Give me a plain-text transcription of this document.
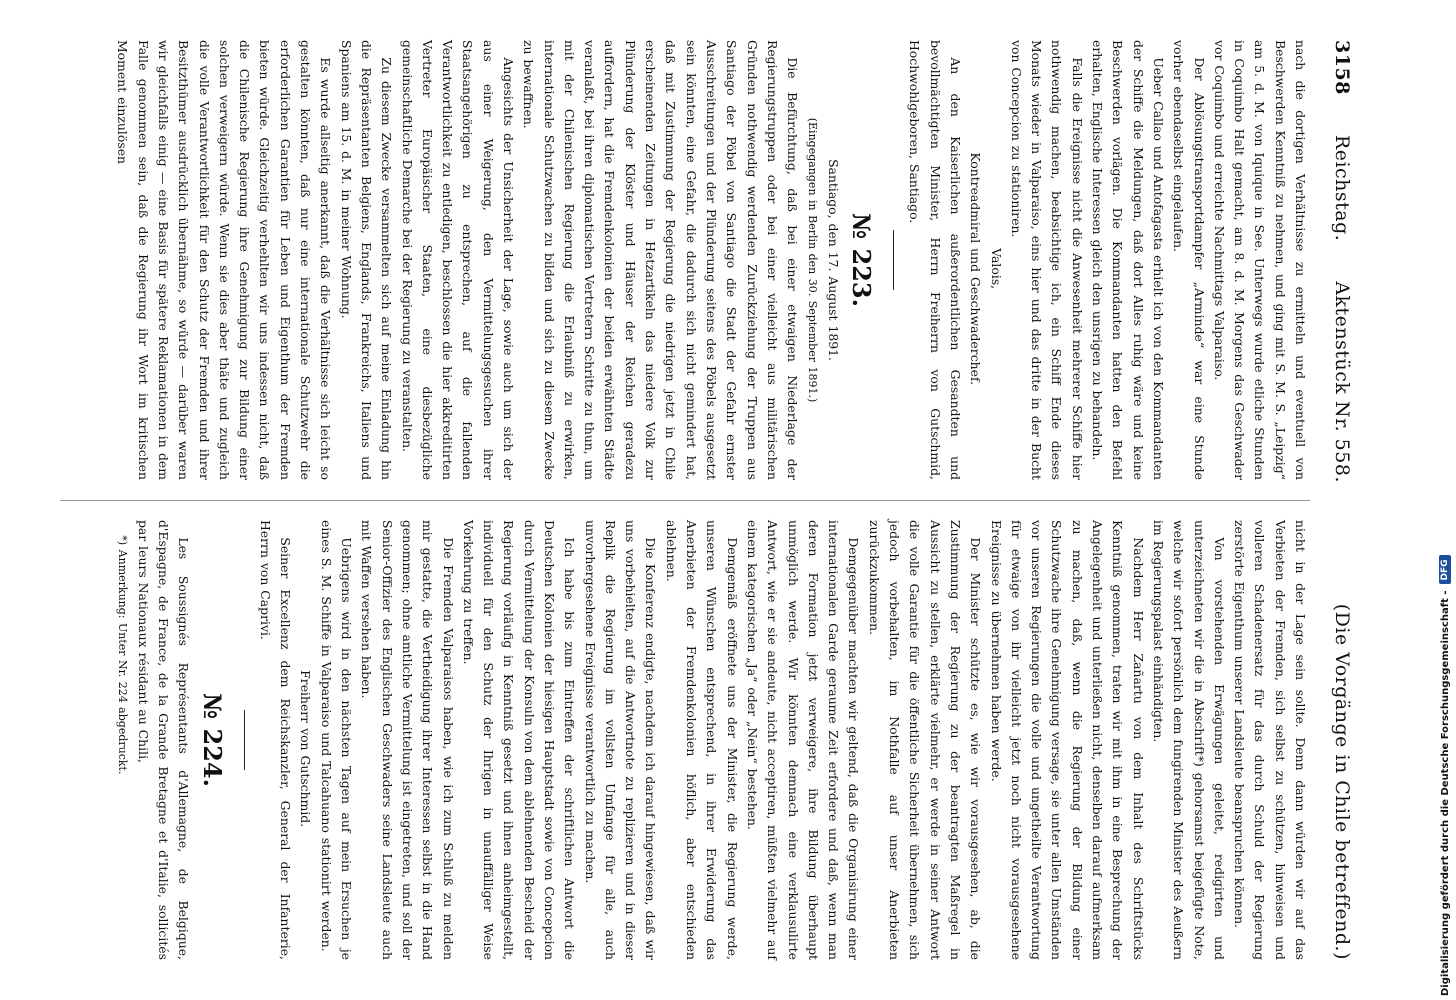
3158
Reichstag.
Aktenstück Nr. 558.
(Die Vorgänge in Chile betreffend.)

nach die dortigen Verhältnisse zu ermitteln und eventuell von Beschwerden Kenntniß zu nehmen, und ging mit S. M. S. „Leipzig“ am 5. d. M. von Iquique in See. Unterwegs wurde etliche Stunden in Coquimbo Halt gemacht, am 8. d. M. Morgens das Geschwader vor Coquimbo und erreichte Nachmittags Valparaiso.

Der Ablösungstransportdampfer „Arminde“ war eine Stunde vorher ebendaselbst eingelaufen.

Ueber Callao und Antofagasta erhielt ich von den Kommandanten der Schiffe die Meldungen, daß dort Alles ruhig wäre und keine Beschwerden vorlägen. Die Kommandanten hatten den Befehl erhalten, Englische Interessen gleich den unsrigen zu behandeln.

Falls die Ereignisse nicht die Anwesenheit mehrerer Schiffe hier nothwendig machen, beabsichtige ich, ein Schiff Ende dieses Monats wieder in Valparaiso, eins hier und das dritte in der Bucht von Concepcion zu stationiren.

Valois,

Kontreadmiral und Geschwaderchef.

An den Kaiserlichen außerordentlichen Gesandten und bevollmächtigten Minister, Herrn Freiherrn von Gutschmid, Hochwohlgeboren, Santiago.

№ 223.

Santiago, den 17. August 1891.

(Eingegangen in Berlin den 30. September 1891.)

Die Befürchtung, daß bei einer etwaigen Niederlage der Regierungstruppen oder bei einer vielleicht aus militärischen Gründen nothwendig werdenden Zurückziehung der Truppen aus Santiago der Pöbel von Santiago die Stadt der Gefahr ernster Ausschreitungen und der Plünderung seitens des Pöbels ausgesetzt sein könnten, eine Gefahr, die dadurch sich nicht gemindert hat, daß mit Zustimmung der Regierung die niedrigen jetzt in Chile erscheinenden Zeitungen in Hetzartikeln das niedere Volk zur Plünderung der Klöster und Häuser der Reichen geradezu auffordern, hat die Fremdenkolonien der beiden erwähnten Städte veranlaßt, bei ihren diplomatischen Vertretern Schritte zu thun, um mit der Chilenischen Regierung die Erlaubniß zu erwirken, internationale Schutzwachen zu bilden und sich zu diesem Zwecke zu bewaffnen.

Angesichts der Unsicherheit der Lage, sowie auch um sich der aus einer Weigerung, den Vermittelungsgesuchen ihrer Staatsangehörigen zu entsprechen, auf die fallenden Verantwortlichkeit zu entledigen, beschlossen die hier akkreditirten Vertreter Europäischer Staaten, eine diesbezügliche gemeinschaftliche Demarche bei der Regierung zu veranstalten.

Zu diesem Zwecke versammelten sich auf meine Einladung hin die Repräsentanten Belgiens, Englands, Frankreichs, Italiens und Spaniens am 15. d. M. in meiner Wohnung.

Es wurde allseitig anerkannt, daß die Verhältnisse sich leicht so gestalten könnten, daß nur eine internationale Schutzwehr die erforderlichen Garantien für Leben und Eigenthum der Fremden bieten würde. Gleichzeitig verhehlten wir uns indessen nicht, daß die Chilenische Regierung ihre Genehmigung zur Bildung einer solchen verweigern würde. Wenn sie dies aber thäte und zugleich die volle Verantwortlichkeit für den Schutz der Fremden und ihrer Besitzthümer ausdrücklich übernähme, so würde — darüber waren wir gleichfalls einig — eine Basis für spätere Reklamationen in dem Falle genommen sein, daß die Regierung ihr Wort im kritischen Moment einzulösen

nicht in der Lage sein sollte. Denn dann würden wir auf das Verbieten der Fremden, sich selbst zu schützen, hinweisen und volleren Schadenersatz für das durch Schuld der Regierung zerstörte Eigenthum unserer Landsleute beanspruchen können.

Von vorstehenden Erwägungen geleitet, redigirten und unterzeichneten wir die in Abschrift*) gehorsamst beigefügte Note, welche wir sofort persönlich dem fungirenden Minister des Aeußern im Regierungspalast einhändigten.

Nachdem Herr Zañartu von dem Inhalt des Schriftstücks Kenntniß genommen, traten wir mit ihm in eine Besprechung der Angelegenheit und unterließen nicht, denselben darauf aufmerksam zu machen, daß, wenn die Regierung der Bildung einer Schutzwache ihre Genehmigung versage, sie unter allen Umständen vor unseren Regierungen die volle und ungetheilte Verantwortung für etwaige von ihr vielleicht jetzt noch nicht vorausgesehene Ereignisse zu übernehmen haben werde.

Der Minister schützte es, wie wir vorausgesehen, ab, die Zustimmung der Regierung zu der beantragten Maßregel in Aussicht zu stellen, erklärte vielmehr, er werde in seiner Antwort die volle Garantie für die öffentliche Sicherheit übernehmen, sich jedoch vorbehalten, im Nothfalle auf unser Anerbieten zurückzukommen.

Demgegenüber machten wir geltend, daß die Organisirung einer internationalen Garde geraume Zeit erfordere und daß, wenn man deren Formation jetzt verweigere, ihre Bildung überhaupt unmöglich werde. Wir könnten demnach eine verklausulirte Antwort, wie er sie andeute, nicht acceptiren, müßten vielmehr auf einem kategorischen „Ja“ oder „Nein“ bestehen.

Demgemäß eröffnete uns der Minister, die Regierung werde, unseren Wünschen entsprechend, in ihrer Erwiderung das Anerbieten der Fremdenkolonien höflich, aber entschieden ablehnen.

Die Konferenz endigte, nachdem ich darauf hingewiesen, daß wir uns vorbehielten, auf die Antwortnote zu replizieren und in dieser Replik die Regierung im vollsten Umfange für alle, auch unvorhergesehene Ereignisse verantwortlich zu machen.

Ich habe bis zum Eintreffen der schriftlichen Antwort die Deutschen Kolonien der hiesigen Hauptstadt sowie von Concepcion durch Vermittelung der Konsuln von dem ablehnenden Bescheid der Regierung vorläufig in Kenntniß gesetzt und ihnen anheimgestellt, individuell für den Schutz der Ihrigen in unauffälliger Weise Vorkehrung zu treffen.

Die Fremden Valparaisos haben, wie ich zum Schluß zu melden mir gestatte, die Vertheidigung ihrer Interessen selbst in die Hand genommen; ohne amtliche Vermittelung ist eingetreten, und soll der Senior-Offizier des Englischen Geschwaders seine Landsleute auch mit Waffen versehen haben.

Uebrigens wird in den nächsten Tagen auf mein Ersuchen je eines S. M. Schiffe in Valparaiso und Talcahuano stationirt werden.

Freiherr von Gutschmid.

Seiner Excellenz dem Reichskanzler, General der Infanterie, Herrn von Caprivi.

№ 224.

Les Soussignés Représentants d'Allemagne, de Belgique, d'Espagne, de France, de la Grande Bretagne et d'Italie, sollicités par leurs Nationaux résidant au Chili,

*) Anmerkung: Unter Nr. 224 abgedruckt.	Digitalisierung gefördert durch die Deutsche Forschungsgemeinschaft -
DFG
